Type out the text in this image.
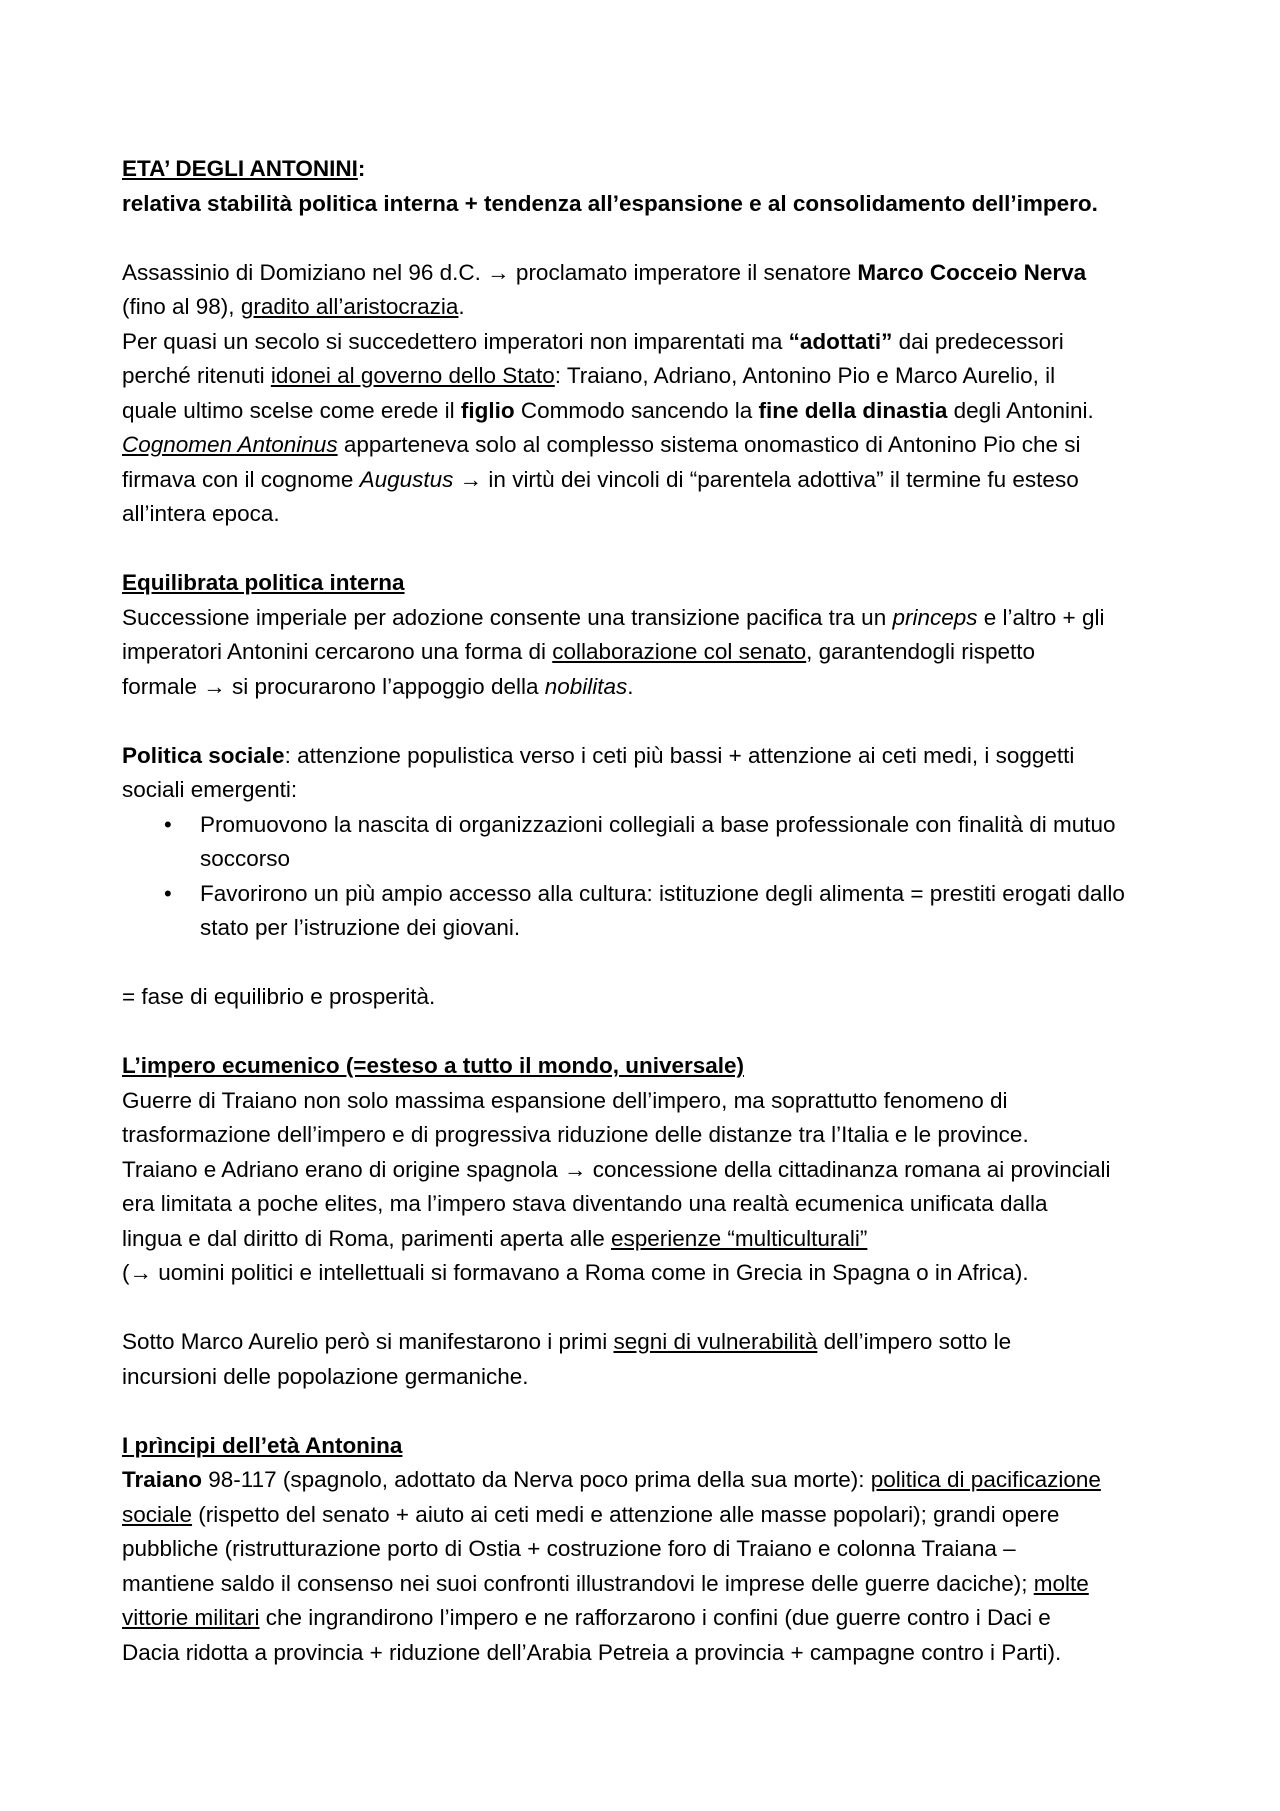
ETA’ DEGLI ANTONINI:

relativa stabilità politica interna + tendenza all’espansione e al consolidamento dell’impero.

Assassinio di Domiziano nel 96 d.C. → proclamato imperatore il senatore Marco Cocceio Nerva

(fino al 98), gradito all’aristocrazia.

Per quasi un secolo si succedettero imperatori non imparentati ma “adottati” dai predecessori

perché ritenuti idonei al governo dello Stato: Traiano, Adriano, Antonino Pio e Marco Aurelio, il

quale ultimo scelse come erede il figlio Commodo sancendo la fine della dinastia degli Antonini.

Cognomen Antoninus apparteneva solo al complesso sistema onomastico di Antonino Pio che si

firmava con il cognome Augustus → in virtù dei vincoli di “parentela adottiva” il termine fu esteso

all’intera epoca.

Equilibrata politica interna

Successione imperiale per adozione consente una transizione pacifica tra un princeps e l’altro + gli

imperatori Antonini cercarono una forma di collaborazione col senato, garantendogli rispetto

formale → si procurarono l’appoggio della nobilitas.

Politica sociale: attenzione populistica verso i ceti più bassi + attenzione ai ceti medi, i soggetti

sociali emergenti:

• Promuovono la nascita di organizzazioni collegiali a base professionale con finalità di mutuo soccorso
• Favorirono un più ampio accesso alla cultura: istituzione degli alimenta = prestiti erogati dallo stato per l’istruzione dei giovani.

= fase di equilibrio e prosperità.

L’impero ecumenico (=esteso a tutto il mondo, universale)

Guerre di Traiano non solo massima espansione dell’impero, ma soprattutto fenomeno di

trasformazione dell’impero e di progressiva riduzione delle distanze tra l’Italia e le province.

Traiano e Adriano erano di origine spagnola → concessione della cittadinanza romana ai provinciali

era limitata a poche elites, ma l’impero stava diventando una realtà ecumenica unificata dalla

lingua e dal diritto di Roma, parimenti aperta alle esperienze “multiculturali”

(→ uomini politici e intellettuali si formavano a Roma come in Grecia in Spagna o in Africa).

Sotto Marco Aurelio però si manifestarono i primi segni di vulnerabilità dell’impero sotto le

incursioni delle popolazione germaniche.

I prìncipi dell’età Antonina

Traiano 98-117 (spagnolo, adottato da Nerva poco prima della sua morte): politica di pacificazione

sociale (rispetto del senato + aiuto ai ceti medi e attenzione alle masse popolari); grandi opere

pubbliche (ristrutturazione porto di Ostia + costruzione foro di Traiano e colonna Traiana –

mantiene saldo il consenso nei suoi confronti illustrandovi le imprese delle guerre daciche); molte

vittorie militari che ingrandirono l’impero e ne rafforzarono i confini (due guerre contro i Daci e

Dacia ridotta a provincia + riduzione dell’Arabia Petreia a provincia + campagne contro i Parti).
